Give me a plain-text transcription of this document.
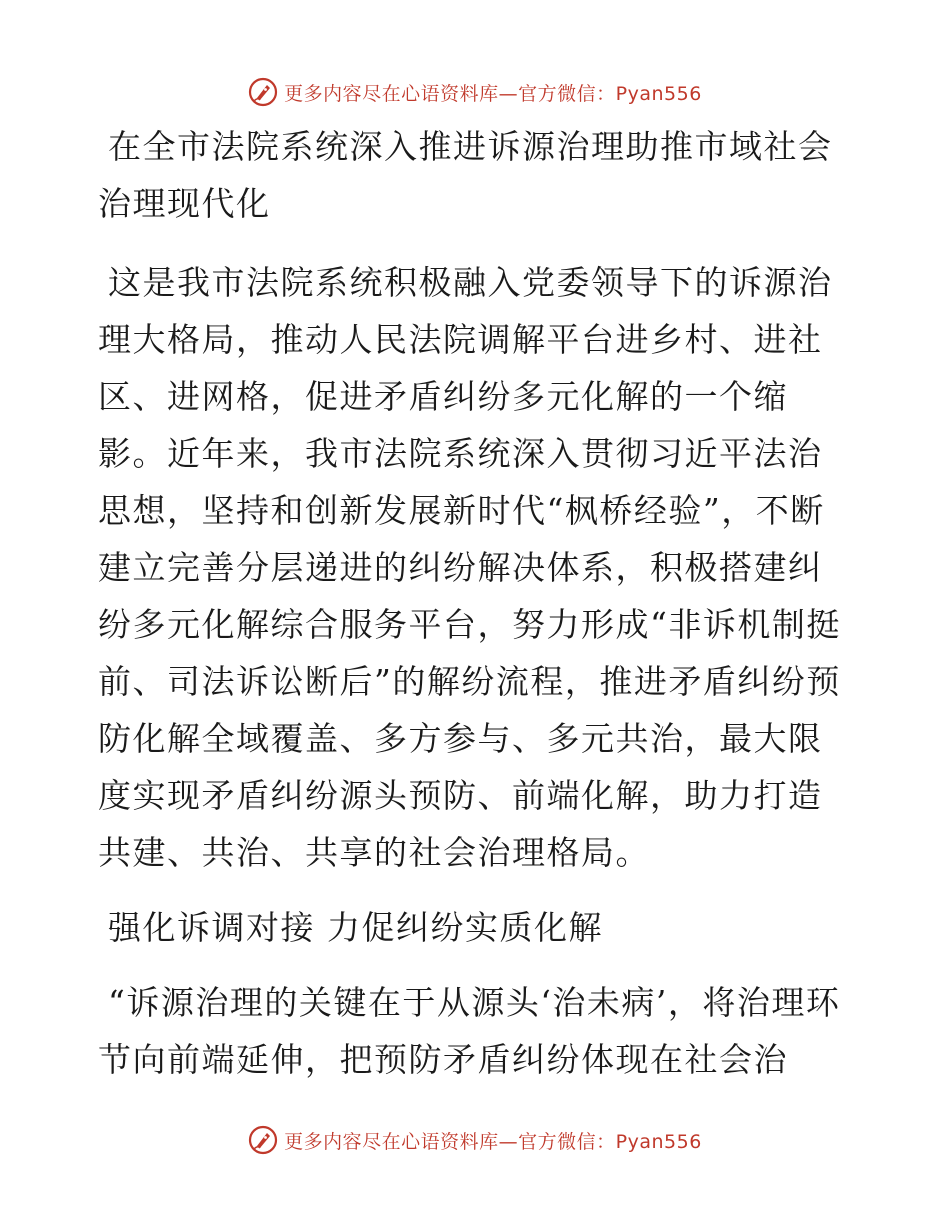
更多内容尽在心语资料库—官方微信：Pyan556

在全市法院系统深入推进诉源治理助推市域社会治理现代化

这是我市法院系统积极融入党委领导下的诉源治理大格局，推动人民法院调解平台进乡村、进社区、进网格，促进矛盾纠纷多元化解的一个缩影。近年来，我市法院系统深入贯彻习近平法治思想，坚持和创新发展新时代“枫桥经验”，不断建立完善分层递进的纠纷解决体系，积极搭建纠纷多元化解综合服务平台，努力形成“非诉机制挺前、司法诉讼断后”的解纷流程，推进矛盾纠纷预防化解全域覆盖、多方参与、多元共治，最大限度实现矛盾纠纷源头预防、前端化解，助力打造共建、共治、共享的社会治理格局。

强化诉调对接 力促纠纷实质化解

“诉源治理的关键在于从源头‘治未病’，将治理环节向前端延伸，把预防矛盾纠纷体现在社会治

更多内容尽在心语资料库—官方微信：Pyan556
